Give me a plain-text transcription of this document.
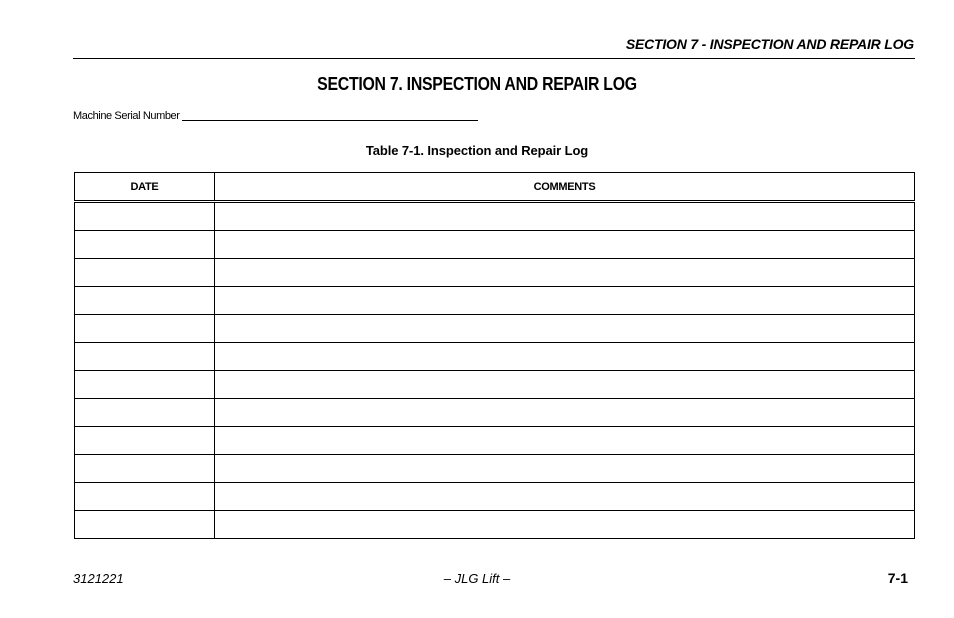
SECTION 7 - INSPECTION AND REPAIR LOG
SECTION 7. INSPECTION AND REPAIR LOG
Machine Serial Number
Table 7-1. Inspection and Repair Log
DATE	COMMENTS

3121221	– JLG Lift –	7-1
